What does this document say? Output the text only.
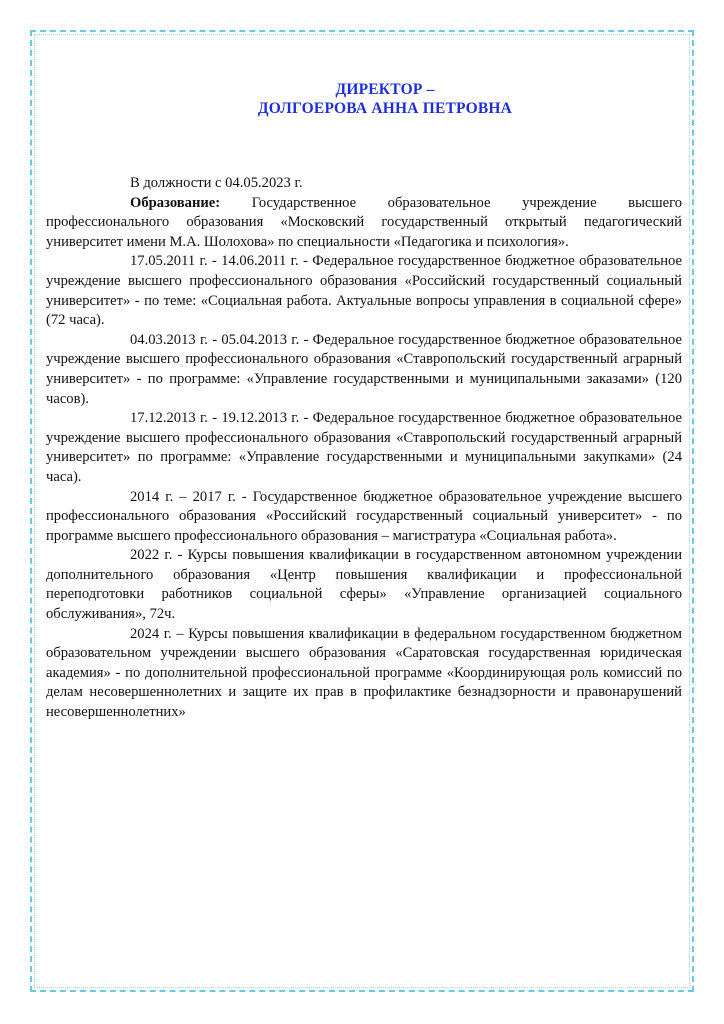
ДИРЕКТОР –
ДОЛГОЕРОВА АННА ПЕТРОВНА

В должности с 04.05.2023 г.

Образование: Государственное образовательное учреждение высшего профессионального образования «Московский государственный открытый педагогический университет имени М.А. Шолохова» по специальности «Педагогика и психология».

17.05.2011 г. - 14.06.2011 г. - Федеральное государственное бюджетное образовательное учреждение высшего профессионального образования «Российский государственный социальный университет» - по теме: «Социальная работа. Актуальные вопросы управления в социальной сфере» (72 часа).

04.03.2013 г. - 05.04.2013 г. - Федеральное государственное бюджетное образовательное учреждение высшего профессионального образования «Ставропольский государственный аграрный университет» - по программе: «Управление государственными и муниципальными заказами» (120 часов).

17.12.2013 г. - 19.12.2013 г. - Федеральное государственное бюджетное образовательное учреждение высшего профессионального образования «Ставропольский государственный аграрный университет» по программе: «Управление государственными и муниципальными закупками» (24 часа).

2014 г. – 2017 г. - Государственное бюджетное образовательное учреждение высшего профессионального образования «Российский государственный социальный университет» - по программе высшего профессионального образования – магистратура «Социальная работа».

2022 г. - Курсы повышения квалификации в государственном автономном учреждении дополнительного образования «Центр повышения квалификации и профессиональной переподготовки работников социальной сферы» «Управление организацией социального обслуживания», 72ч.

2024 г. – Курсы повышения квалификации в федеральном государственном бюджетном образовательном учреждении высшего образования «Саратовская государственная юридическая академия» - по дополнительной профессиональной программе «Координирующая роль комиссий по делам несовершеннолетних и защите их прав в профилактике безнадзорности и правонарушений несовершеннолетних»
